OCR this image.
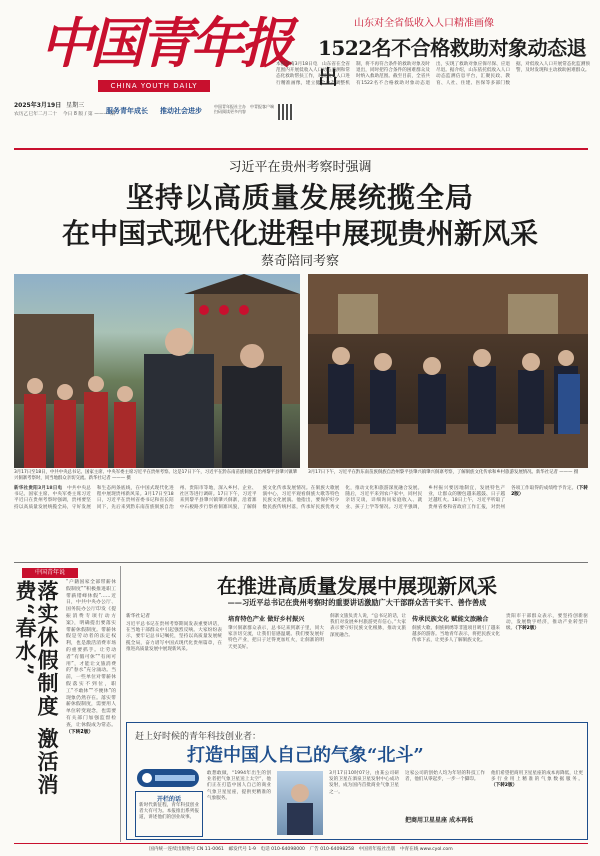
中国青年报
CHINA YOUTH DAILY
2025年3月19日 星期三
农历乙巳年二月二十 今日 8 版 / 第 ——— 期
服务青年成长 推动社会进步
中国青年报社主办　中青报客户端　扫码阅读更多内容
山东对全省低收入人口精准画像
1522名不合格救助对象动态退出
本报济南3月18日电　山东省在全省范围内开展低收入人口动态监测和常态化救助帮扶工作，对低收入人口进行精准画像，建立健全动态调整机制，将不再符合条件的救助对象及时退出，同时把符合条件的困难群众及时纳入救助范围。截至目前，全省共有1522名不合格救助对象动态退出，实现了救助对象应保尽保、应退尽退。据介绍，山东依托低收入人口动态监测信息平台，汇聚民政、教育、人社、住建、医保等多部门数据，对低收入人口开展常态化监测预警，及时发现和主动救助困难群众。
习近平在贵州考察时强调
坚持以高质量发展统揽全局
在中国式现代化进程中展现贵州新风采
蔡奇陪同考察
3月17日至18日，中共中央总书记、国家主席、中央军委主席习近平在贵州考察。这是17日下午，习近平在黔东南苗族侗族自治州黎平县肇兴镇肇兴侗寨考察时，同当地群众亲切交流。新华社记者 ——— 摄
3月17日下午，习近平在黔东南苗族侗族自治州黎平县肇兴镇肇兴侗寨考察，了解侗族文化传承和乡村旅游发展情况。新华社记者 ——— 摄
新华社贵阳3月18日电　中共中央总书记、国家主席、中央军委主席习近平近日在贵州考察时强调，贵州要坚持以高质量发展统揽全局，守好发展和生态两条底线，在中国式现代化进程中展现贵州新风采。3月17日至18日，习近平在贵州省委书记和省长陪同下，先后来到黔东南苗族侗族自治州、贵阳市等地，深入乡村、企业、社区等进行调研。17日下午，习近平来到黎平县肇兴镇肇兴侗寨，沿着寨中石板路步行察看侗寨风貌，了解侗族文化传承发展情况。在侗族大歌展演中心，习近平观看侗族大歌等特色民族文化展演。他指出，要保护好少数民族传统村落，传承好民族优秀文化，推动文化和旅游深度融合发展。随后，习近平来到农户家中，同村民亲切交谈，详细询问家庭收入、就业、孩子上学等情况。习近平强调，乡村振兴要因地制宜，发展特色产业，让群众的腰包越来越鼓、日子越过越红火。18日上午，习近平听取了贵州省委和省政府工作汇报，对贵州各项工作取得的成绩给予肯定。（下转2版）
中国青年说
落实休假制度 激活消费“春水”	“户籍国家全部带薪休假制度”“积极推进职工带薪错峰休假”……近日，中共中央办公厅、国务院办公厅印发《提振消费专项行动方案》，明确提出要落实带薪休假制度。带薪休假是劳动者的法定权利，也是激活消费市场的重要抓手。让劳动者“有假可休”“有闲可用”，才能让文旅消费的“春水”充分涌动。当前，一些单位对带薪休假落实不到位，职工“不敢休”“不便休”的现象仍然存在。落实带薪休假制度，需要用人单位转变观念，也需要有关部门加强监督检查，让休假成为常态。（下转2版）
在推进高质量发展中展现新风采
——习近平总书记在贵州考察时的重要讲话激励广大干部群众苦干实干、善作善成
新华社记者
习近平总书记在贵州考察期间发表重要讲话，在当地干部群众中引起强烈反响。大家纷纷表示，要牢记总书记嘱托，坚持以高质量发展统揽全局，奋力谱写中国式现代化贵州篇章，在推进高质量发展中展现新风采。
培育特色产业 做好乡村振兴
肇兴侗寨群众表示，总书记来到寨子里，同大家亲切交流，让我们倍感温暖。我们要发展好特色产业，把日子过得更加红火，让侗寨的明天更美好。
侗寨文旅负责人说，“总书记的话，让我们对发展乡村旅游更有信心。”大家表示要守好民族文化根脉，推动文旅深度融合。
传承民族文化 赋能文旅融合
侗族大歌、侗族刺绣等非遗项目吸引了越来越多的游客。当地青年表示，将把民族文化传承下去，让更多人了解侗族文化。
贵阳市干部群众表示，要坚持创新驱动，发展数字经济，推动产业转型升级。（下转2版）
赶上好时候的青年科技创业者：
打造中国人自己的气象“北斗”
开栏的话
新时代新征程，青年科技创业者大有可为。本报推出系列报道，讲述他们的创业故事。
敢想敢做，“1994年出生的创业者把气象卫星送上太空”，他们正在打造中国人自己的商业气象卫星星座，提供更精准的气象服务。
3月17日10时07分，由某公司研发的卫星在酒泉卫星发射中心成功发射，成为国内首批商业气象卫星之一。
这家公司的创始人均为年轻的科技工作者，他们从零起步，一步一个脚印。
把商用卫星星座 成本再低
他们希望把商用卫星星座的成本再降低，让更多行业用上精准的气象数据服务。（下转2版）
国内统一连续出版物号 CN 11-0061　邮发代号 1-9　电话 010-64098000　广告 010-64098258　中国青年报社出版　中青在线 www.cyol.com
